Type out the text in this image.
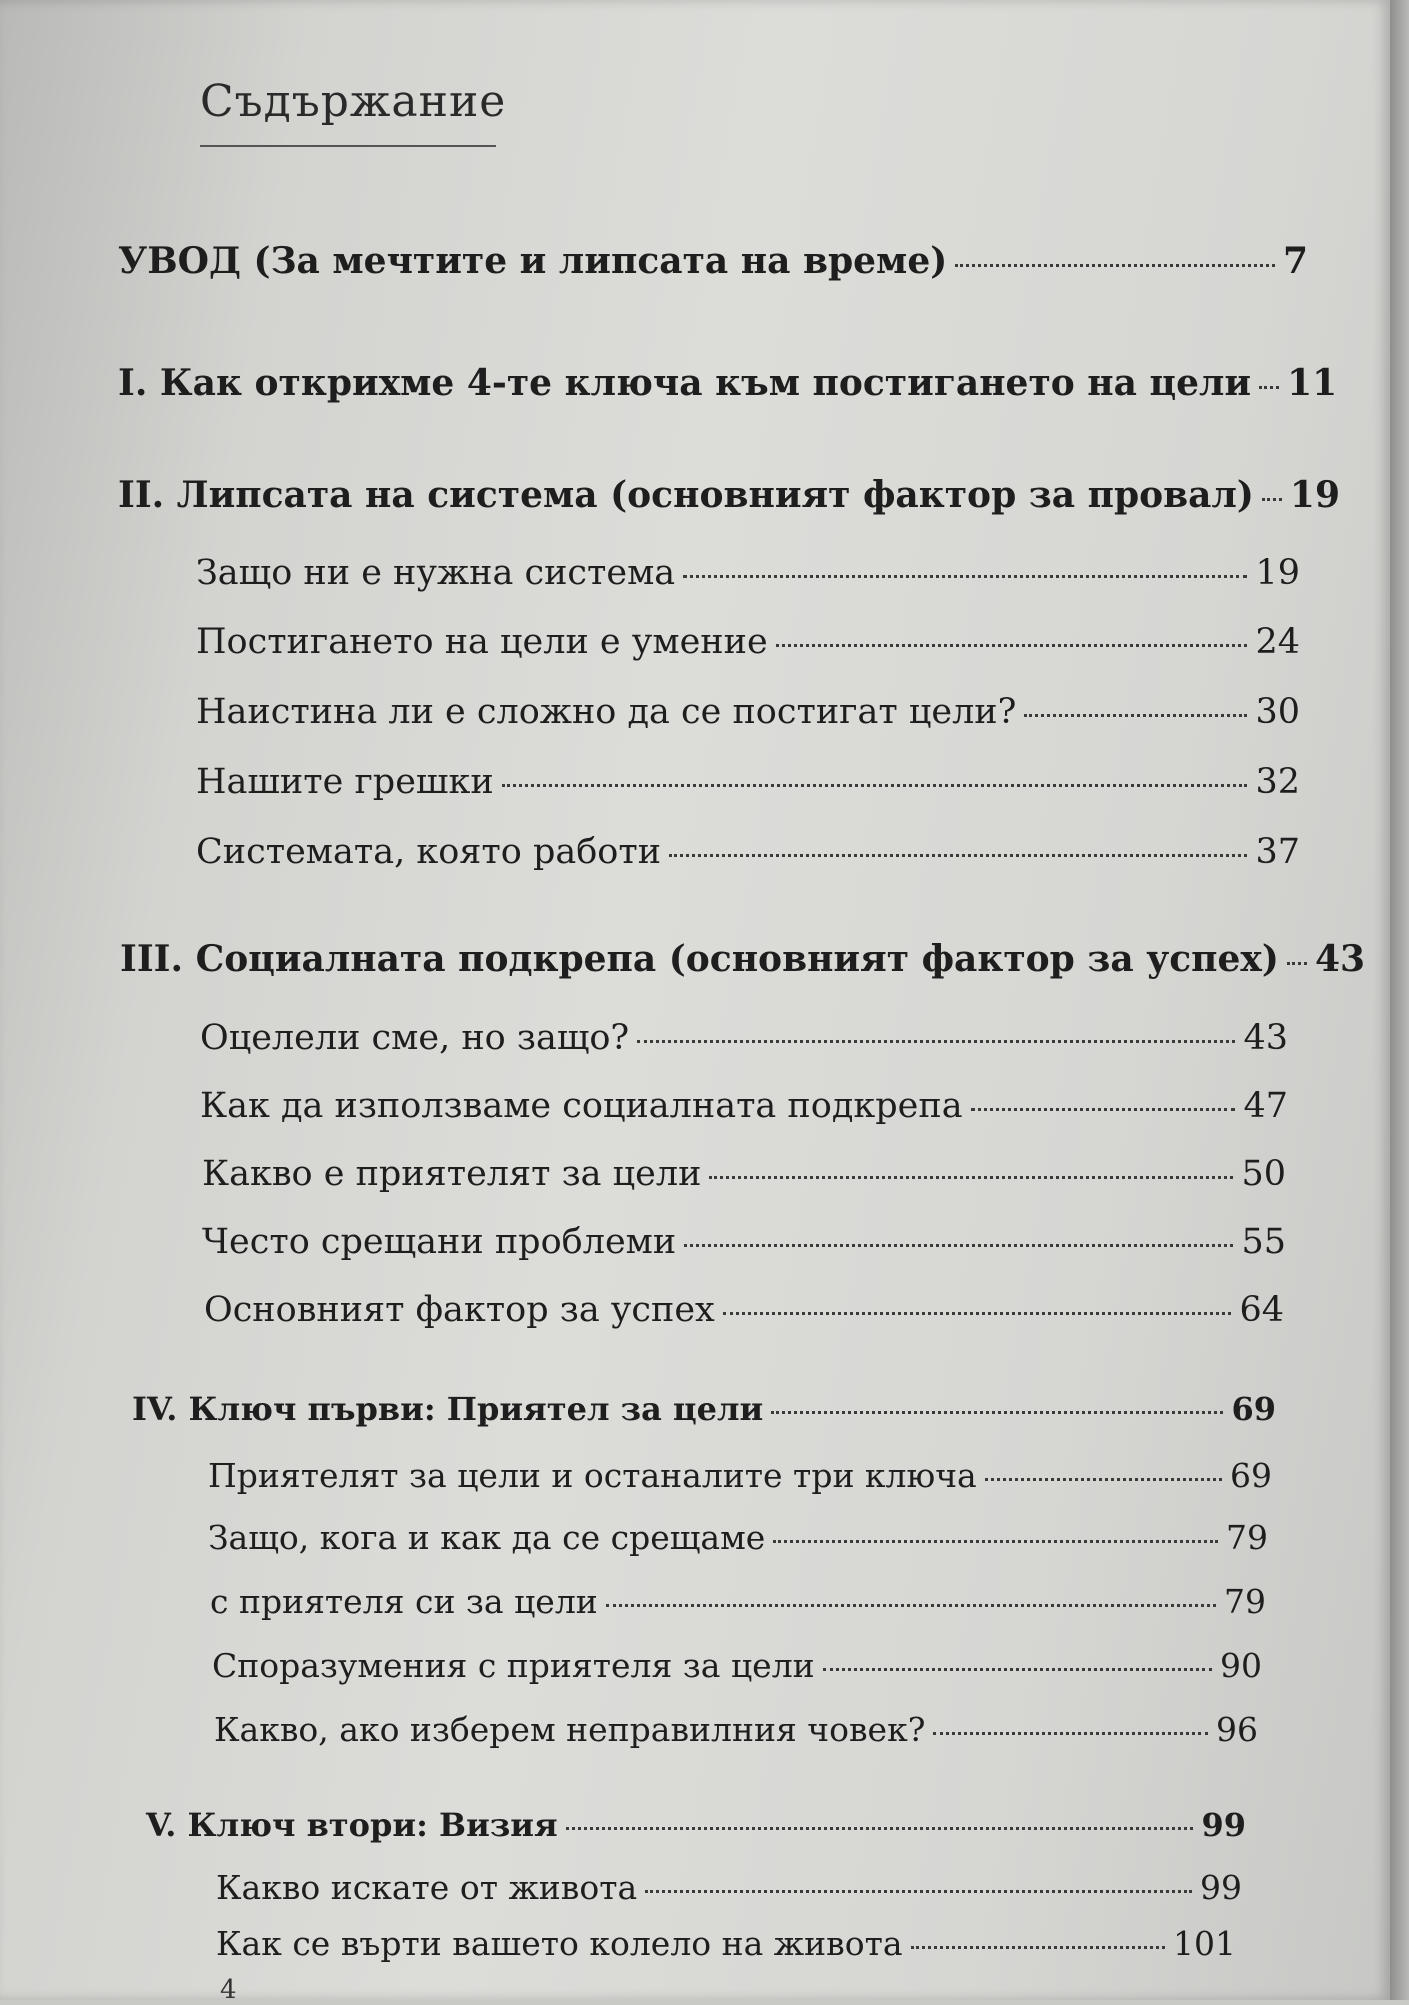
Съдържание
УВОД (За мечтите и липсата на време)	7
I. Как открихме 4-те ключа към постигането на цели 11
II. Липсата на система (основният фактор за провал) 19
Защо ни е нужна система	19
Постигането на цели е умение	24
Наистина ли е сложно да се постигат цели?	30
Нашите грешки	32
Системата, която работи	37
III. Социалната подкрепа (основният фактор за успех) 43
Оцелели сме, но защо?	43
Как да използваме социалната подкрепа	47
Какво е приятелят за цели	50
Често срещани проблеми	55
Основният фактор за успех	64
IV. Ключ първи: Приятел за цели	69
Приятелят за цели и останалите три ключа	69
Защо, кога и как да се срещаме	79
с приятеля си за цели	79
Споразумения с приятеля за цели	90
Какво, ако изберем неправилния човек?	96
V. Ключ втори: Визия	99
Какво искате от живота	99
Как се върти вашето колело на живота	101
4
